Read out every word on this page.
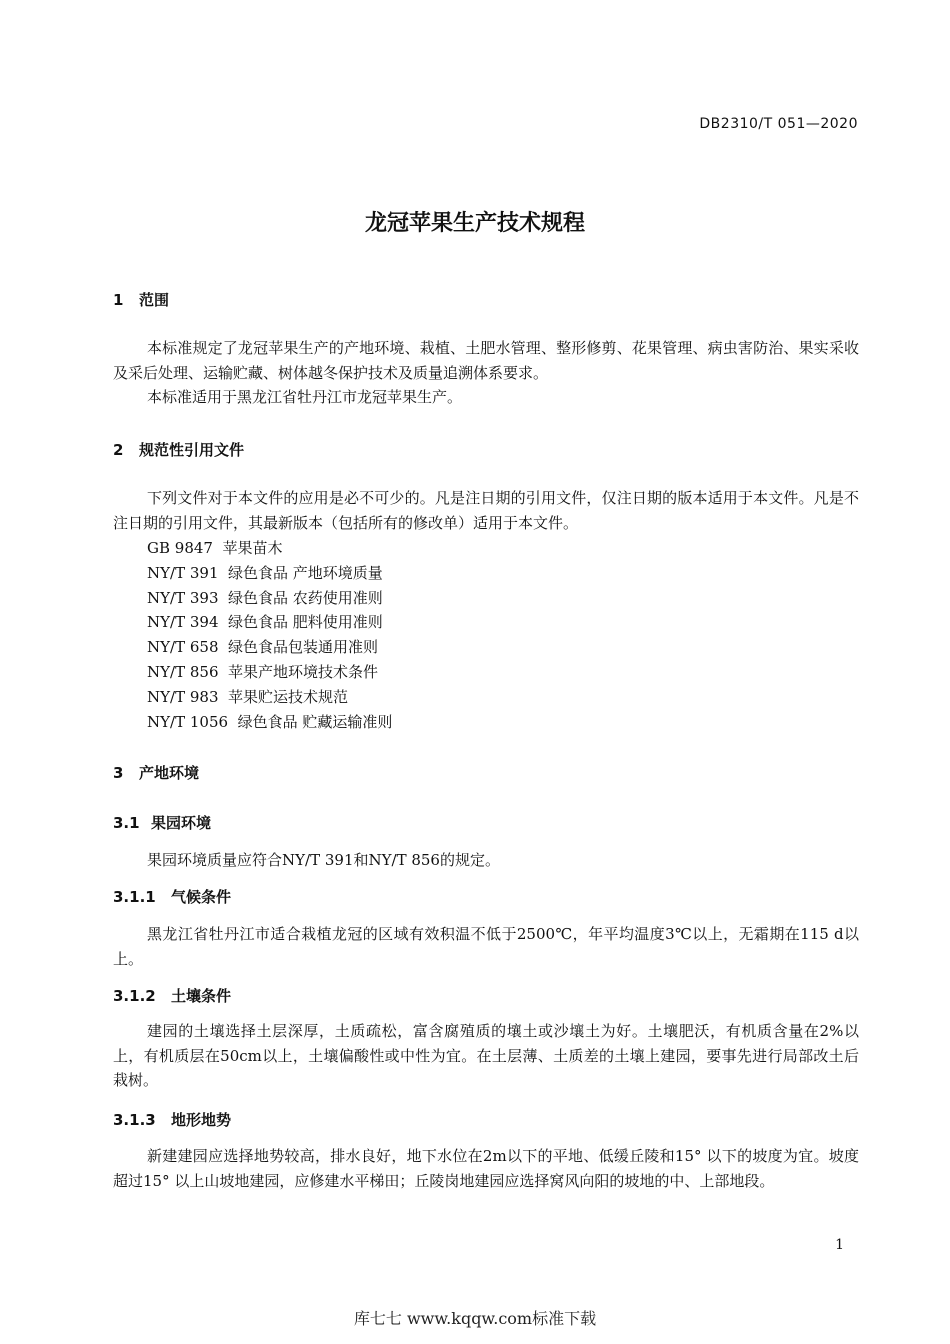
DB2310/T 051—2020
龙冠苹果生产技术规程
1 范围
本标准规定了龙冠苹果生产的产地环境、栽植、土肥水管理、整形修剪、花果管理、病虫害防治、果实采收及采后处理、运输贮藏、树体越冬保护技术及质量追溯体系要求。
本标准适用于黑龙江省牡丹江市龙冠苹果生产。
2 规范性引用文件
下列文件对于本文件的应用是必不可少的。凡是注日期的引用文件，仅注日期的版本适用于本文件。凡是不注日期的引用文件，其最新版本（包括所有的修改单）适用于本文件。
GB 9847  苹果苗木
NY/T 391  绿色食品 产地环境质量
NY/T 393  绿色食品 农药使用准则
NY/T 394  绿色食品 肥料使用准则
NY/T 658  绿色食品包装通用准则
NY/T 856  苹果产地环境技术条件
NY/T 983  苹果贮运技术规范
NY/T 1056  绿色食品 贮藏运输准则
3 产地环境
3.1 果园环境
果园环境质量应符合NY/T 391和NY/T 856的规定。
3.1.1 气候条件
黑龙江省牡丹江市适合栽植龙冠的区域有效积温不低于2500℃，年平均温度3℃以上，无霜期在115 d以上。
3.1.2 土壤条件
建园的土壤选择土层深厚，土质疏松，富含腐殖质的壤土或沙壤土为好。土壤肥沃，有机质含量在2%以上，有机质层在50cm以上，土壤偏酸性或中性为宜。在土层薄、土质差的土壤上建园，要事先进行局部改土后栽树。
3.1.3 地形地势
新建建园应选择地势较高，排水良好，地下水位在2m以下的平地、低缓丘陵和15° 以下的坡度为宜。坡度超过15° 以上山坡地建园，应修建水平梯田；丘陵岗地建园应选择窝风向阳的坡地的中、上部地段。
1
库七七 www.kqqw.com标准下载
